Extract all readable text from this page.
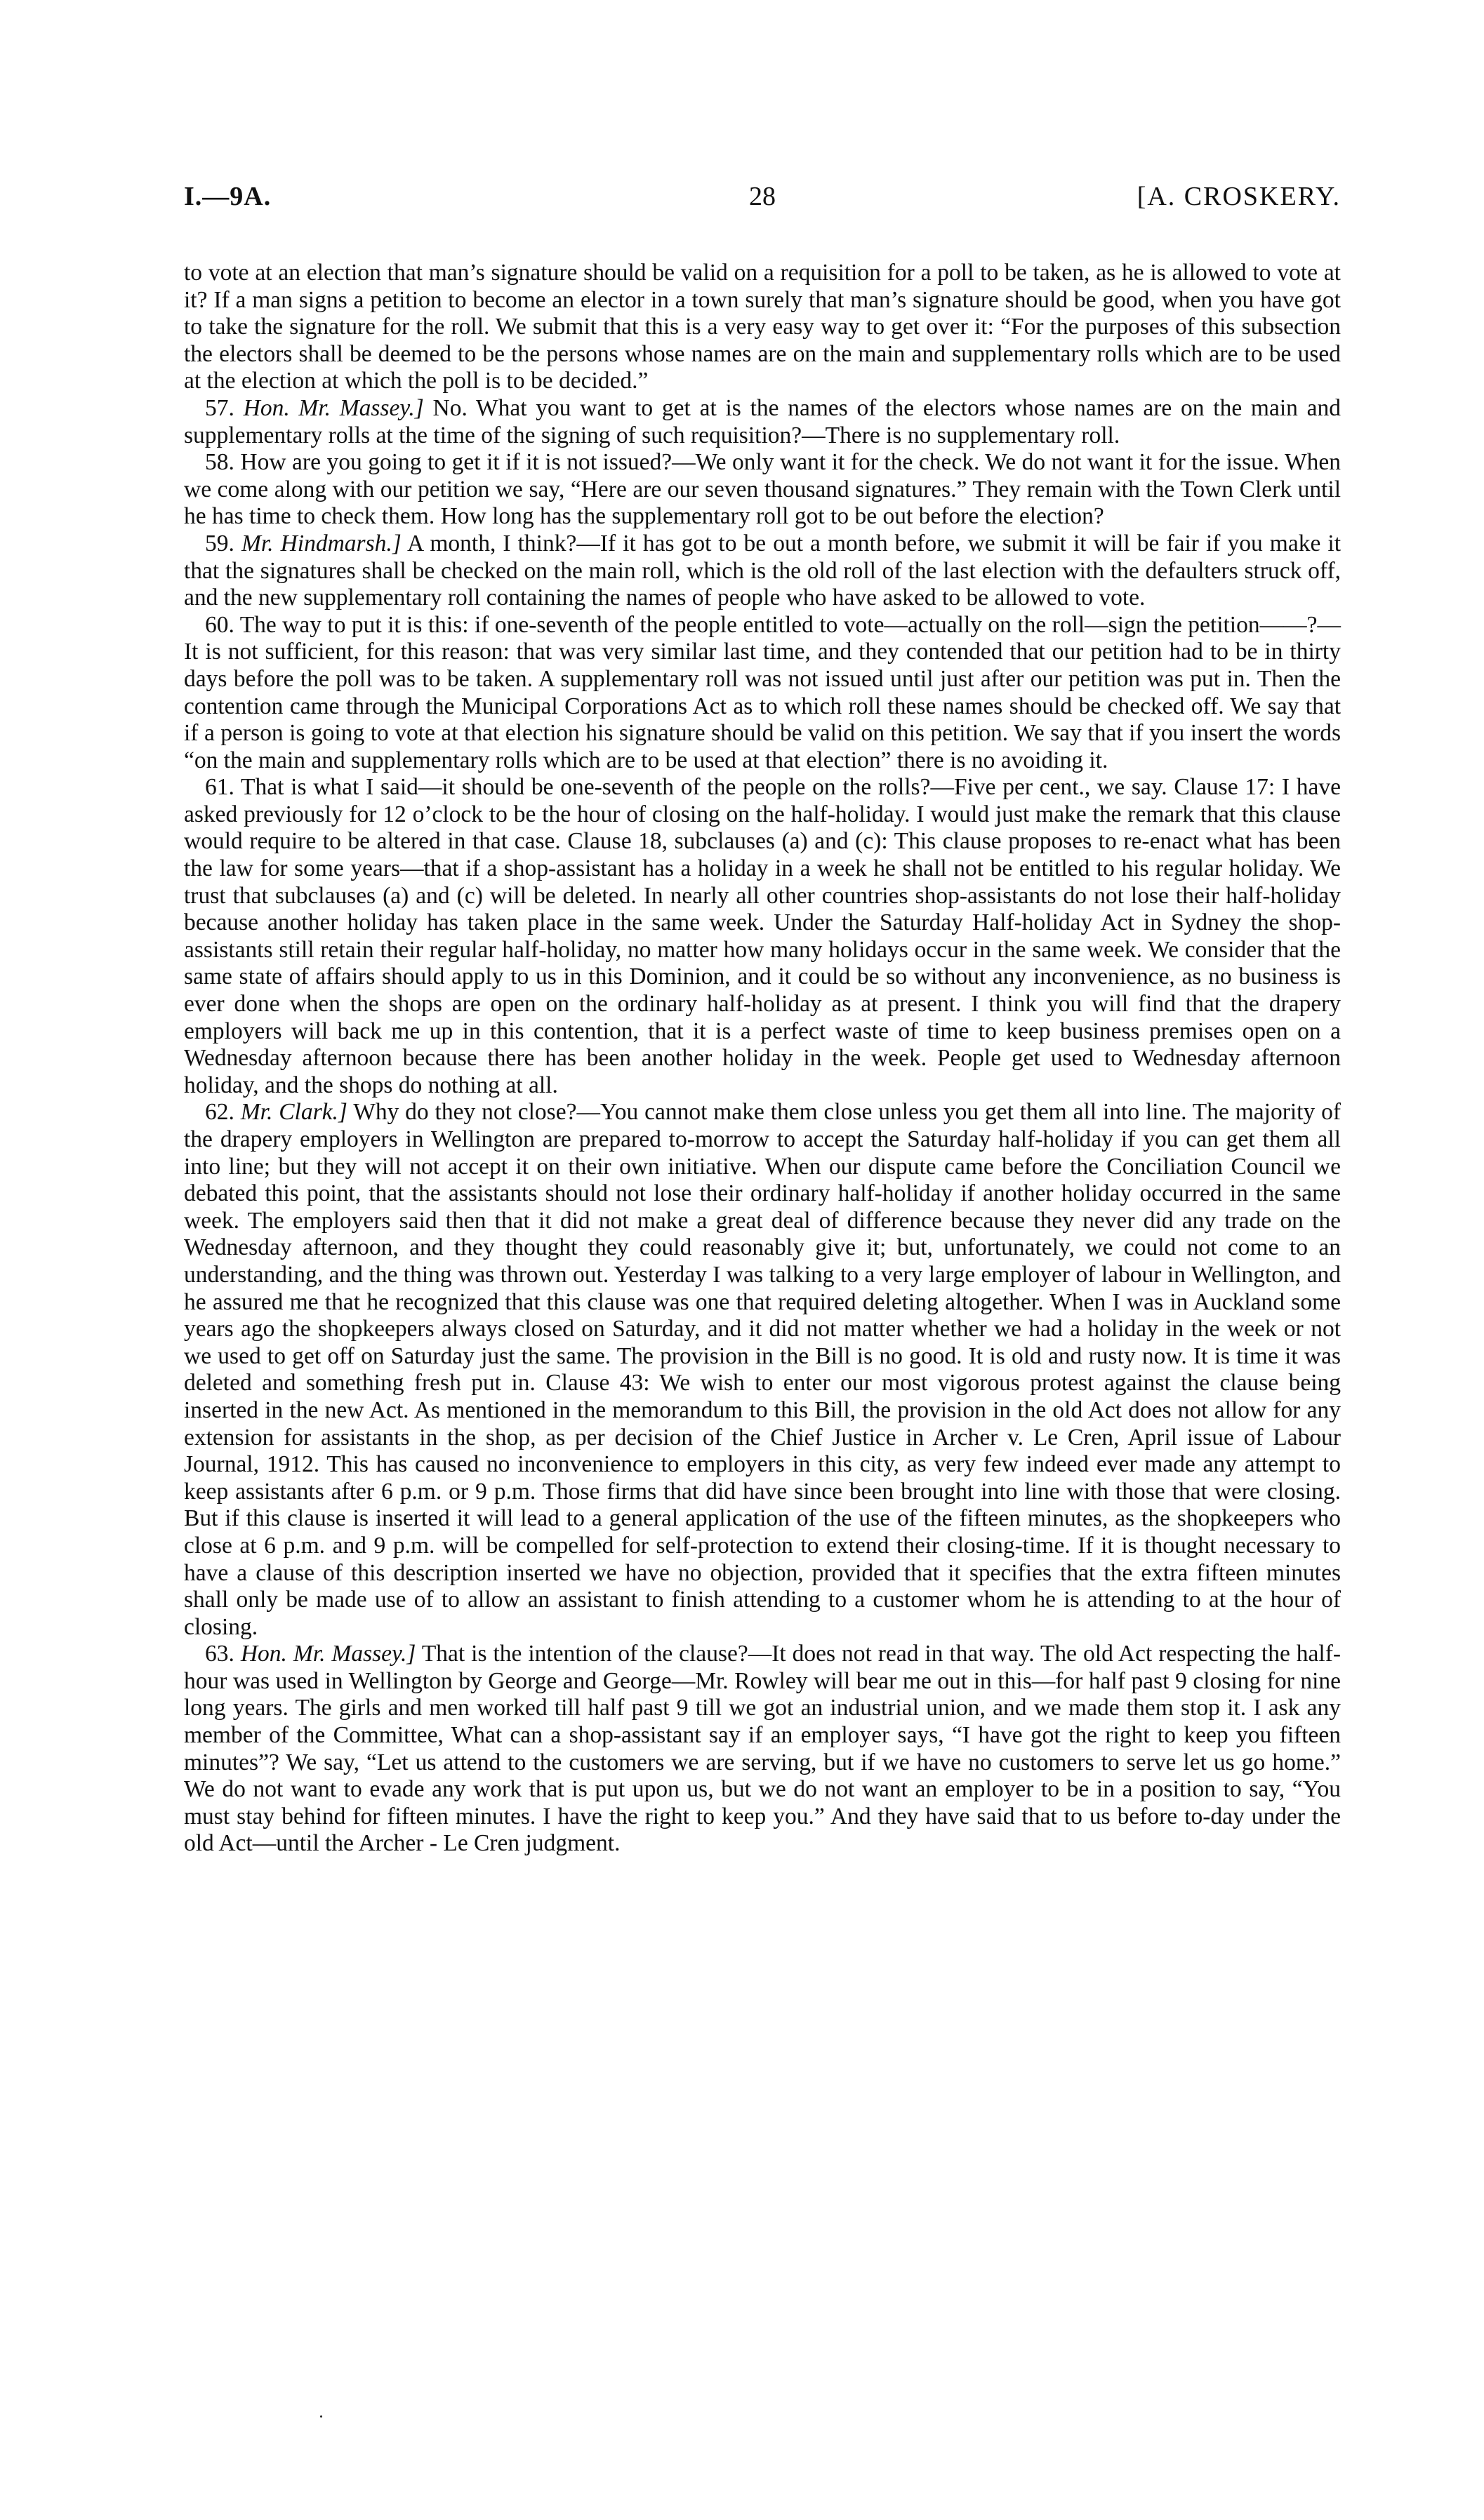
I.—9A.	28	[A. CROSKERY.

to vote at an election that man’s signature should be valid on a requisition for a poll to be taken, as he is allowed to vote at it? If a man signs a petition to become an elector in a town surely that man’s signature should be good, when you have got to take the signature for the roll. We submit that this is a very easy way to get over it: “For the purposes of this subsection the electors shall be deemed to be the persons whose names are on the main and supplementary rolls which are to be used at the election at which the poll is to be decided.”

57. Hon. Mr. Massey.] No. What you want to get at is the names of the electors whose names are on the main and supplementary rolls at the time of the signing of such requisition?—There is no supplementary roll.

58. How are you going to get it if it is not issued?—We only want it for the check. We do not want it for the issue. When we come along with our petition we say, “Here are our seven thousand signatures.” They remain with the Town Clerk until he has time to check them. How long has the supplementary roll got to be out before the election?

59. Mr. Hindmarsh.] A month, I think?—If it has got to be out a month before, we submit it will be fair if you make it that the signatures shall be checked on the main roll, which is the old roll of the last election with the defaulters struck off, and the new supplementary roll containing the names of people who have asked to be allowed to vote.

60. The way to put it is this: if one-seventh of the people entitled to vote—actually on the roll—sign the petition——?—It is not sufficient, for this reason: that was very similar last time, and they contended that our petition had to be in thirty days before the poll was to be taken. A supplementary roll was not issued until just after our petition was put in. Then the contention came through the Municipal Corporations Act as to which roll these names should be checked off. We say that if a person is going to vote at that election his signature should be valid on this petition. We say that if you insert the words “on the main and supplementary rolls which are to be used at that election” there is no avoiding it.

61. That is what I said—it should be one-seventh of the people on the rolls?—Five per cent., we say. Clause 17: I have asked previously for 12 o’clock to be the hour of closing on the half-holiday. I would just make the remark that this clause would require to be altered in that case. Clause 18, subclauses (a) and (c): This clause proposes to re-enact what has been the law for some years—that if a shop-assistant has a holiday in a week he shall not be entitled to his regular holiday. We trust that subclauses (a) and (c) will be deleted. In nearly all other countries shop-assistants do not lose their half-holiday because another holiday has taken place in the same week. Under the Saturday Half-holiday Act in Sydney the shop-assistants still retain their regular half-holiday, no matter how many holidays occur in the same week. We consider that the same state of affairs should apply to us in this Dominion, and it could be so without any inconvenience, as no business is ever done when the shops are open on the ordinary half-holiday as at present. I think you will find that the drapery employers will back me up in this contention, that it is a perfect waste of time to keep business premises open on a Wednesday afternoon because there has been another holiday in the week. People get used to Wednesday afternoon holiday, and the shops do nothing at all.

62. Mr. Clark.] Why do they not close?—You cannot make them close unless you get them all into line. The majority of the drapery employers in Wellington are prepared to-morrow to accept the Saturday half-holiday if you can get them all into line; but they will not accept it on their own initiative. When our dispute came before the Conciliation Council we debated this point, that the assistants should not lose their ordinary half-holiday if another holiday occurred in the same week. The employers said then that it did not make a great deal of difference because they never did any trade on the Wednesday afternoon, and they thought they could reasonably give it; but, unfortunately, we could not come to an understanding, and the thing was thrown out. Yesterday I was talking to a very large employer of labour in Wellington, and he assured me that he recognized that this clause was one that required deleting altogether. When I was in Auckland some years ago the shopkeepers always closed on Saturday, and it did not matter whether we had a holiday in the week or not we used to get off on Saturday just the same. The provision in the Bill is no good. It is old and rusty now. It is time it was deleted and something fresh put in. Clause 43: We wish to enter our most vigorous protest against the clause being inserted in the new Act. As mentioned in the memorandum to this Bill, the provision in the old Act does not allow for any extension for assistants in the shop, as per decision of the Chief Justice in Archer v. Le Cren, April issue of Labour Journal, 1912. This has caused no inconvenience to employers in this city, as very few indeed ever made any attempt to keep assistants after 6 p.m. or 9 p.m. Those firms that did have since been brought into line with those that were closing. But if this clause is inserted it will lead to a general application of the use of the fifteen minutes, as the shopkeepers who close at 6 p.m. and 9 p.m. will be compelled for self-protection to extend their closing-time. If it is thought necessary to have a clause of this description inserted we have no objection, provided that it specifies that the extra fifteen minutes shall only be made use of to allow an assistant to finish attending to a customer whom he is attending to at the hour of closing.

63. Hon. Mr. Massey.] That is the intention of the clause?—It does not read in that way. The old Act respecting the half-hour was used in Wellington by George and George—Mr. Rowley will bear me out in this—for half past 9 closing for nine long years. The girls and men worked till half past 9 till we got an industrial union, and we made them stop it. I ask any member of the Committee, What can a shop-assistant say if an employer says, “I have got the right to keep you fifteen minutes”? We say, “Let us attend to the customers we are serving, but if we have no customers to serve let us go home.” We do not want to evade any work that is put upon us, but we do not want an employer to be in a position to say, “You must stay behind for fifteen minutes. I have the right to keep you.” And they have said that to us before to-day under the old Act—until the Archer - Le Cren judgment.
